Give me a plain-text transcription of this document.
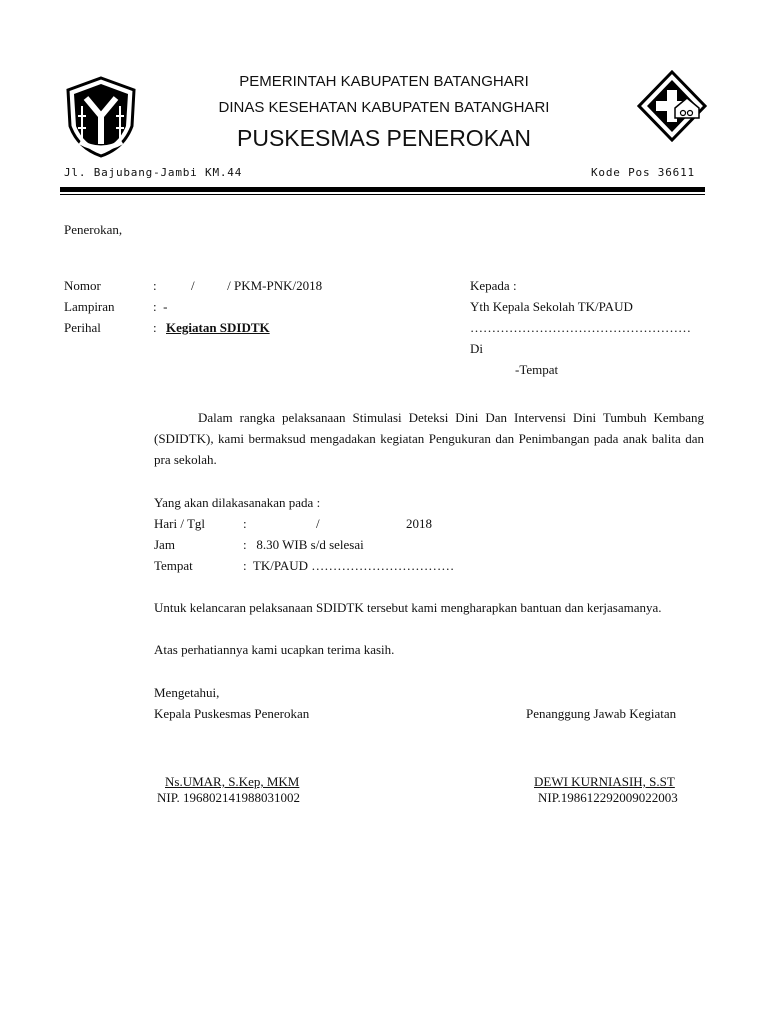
PEMERINTAH KABUPATEN BATANGHARI
DINAS KESEHATAN KABUPATEN BATANGHARI
PUSKESMAS PENEROKAN
Jl. Bajubang-Jambi KM.44	Kode Pos 36611
Penerokan,
Nomor	:	/          / PKM-PNK/2018
Lampiran	:  -
Perihal	: Kegiatan SDIDTK
Kepada :
Yth Kepala Sekolah TK/PAUD
……………………………………………
Di
-Tempat
Dalam rangka pelaksanaan Stimulasi Deteksi Dini Dan Intervensi Dini Tumbuh Kembang (SDIDTK), kami bermaksud mengadakan kegiatan Pengukuran dan Penimbangan pada anak balita dan pra sekolah.
Yang akan dilakasanakan pada :
Hari / Tgl	:	/	2018
Jam	:   8.30 WIB s/d selesai
Tempat	:  TK/PAUD ……………………………
Untuk kelancaran pelaksanaan SDIDTK tersebut kami mengharapkan bantuan dan kerjasamanya.
Atas perhatiannya kami ucapkan terima kasih.
Mengetahui,
Kepala Puskesmas Penerokan	Penanggung Jawab Kegiatan
Ns.UMAR, S.Kep, MKM
NIP. 196802141988031002
DEWI KURNIASIH, S.ST
NIP.198612292009022003
